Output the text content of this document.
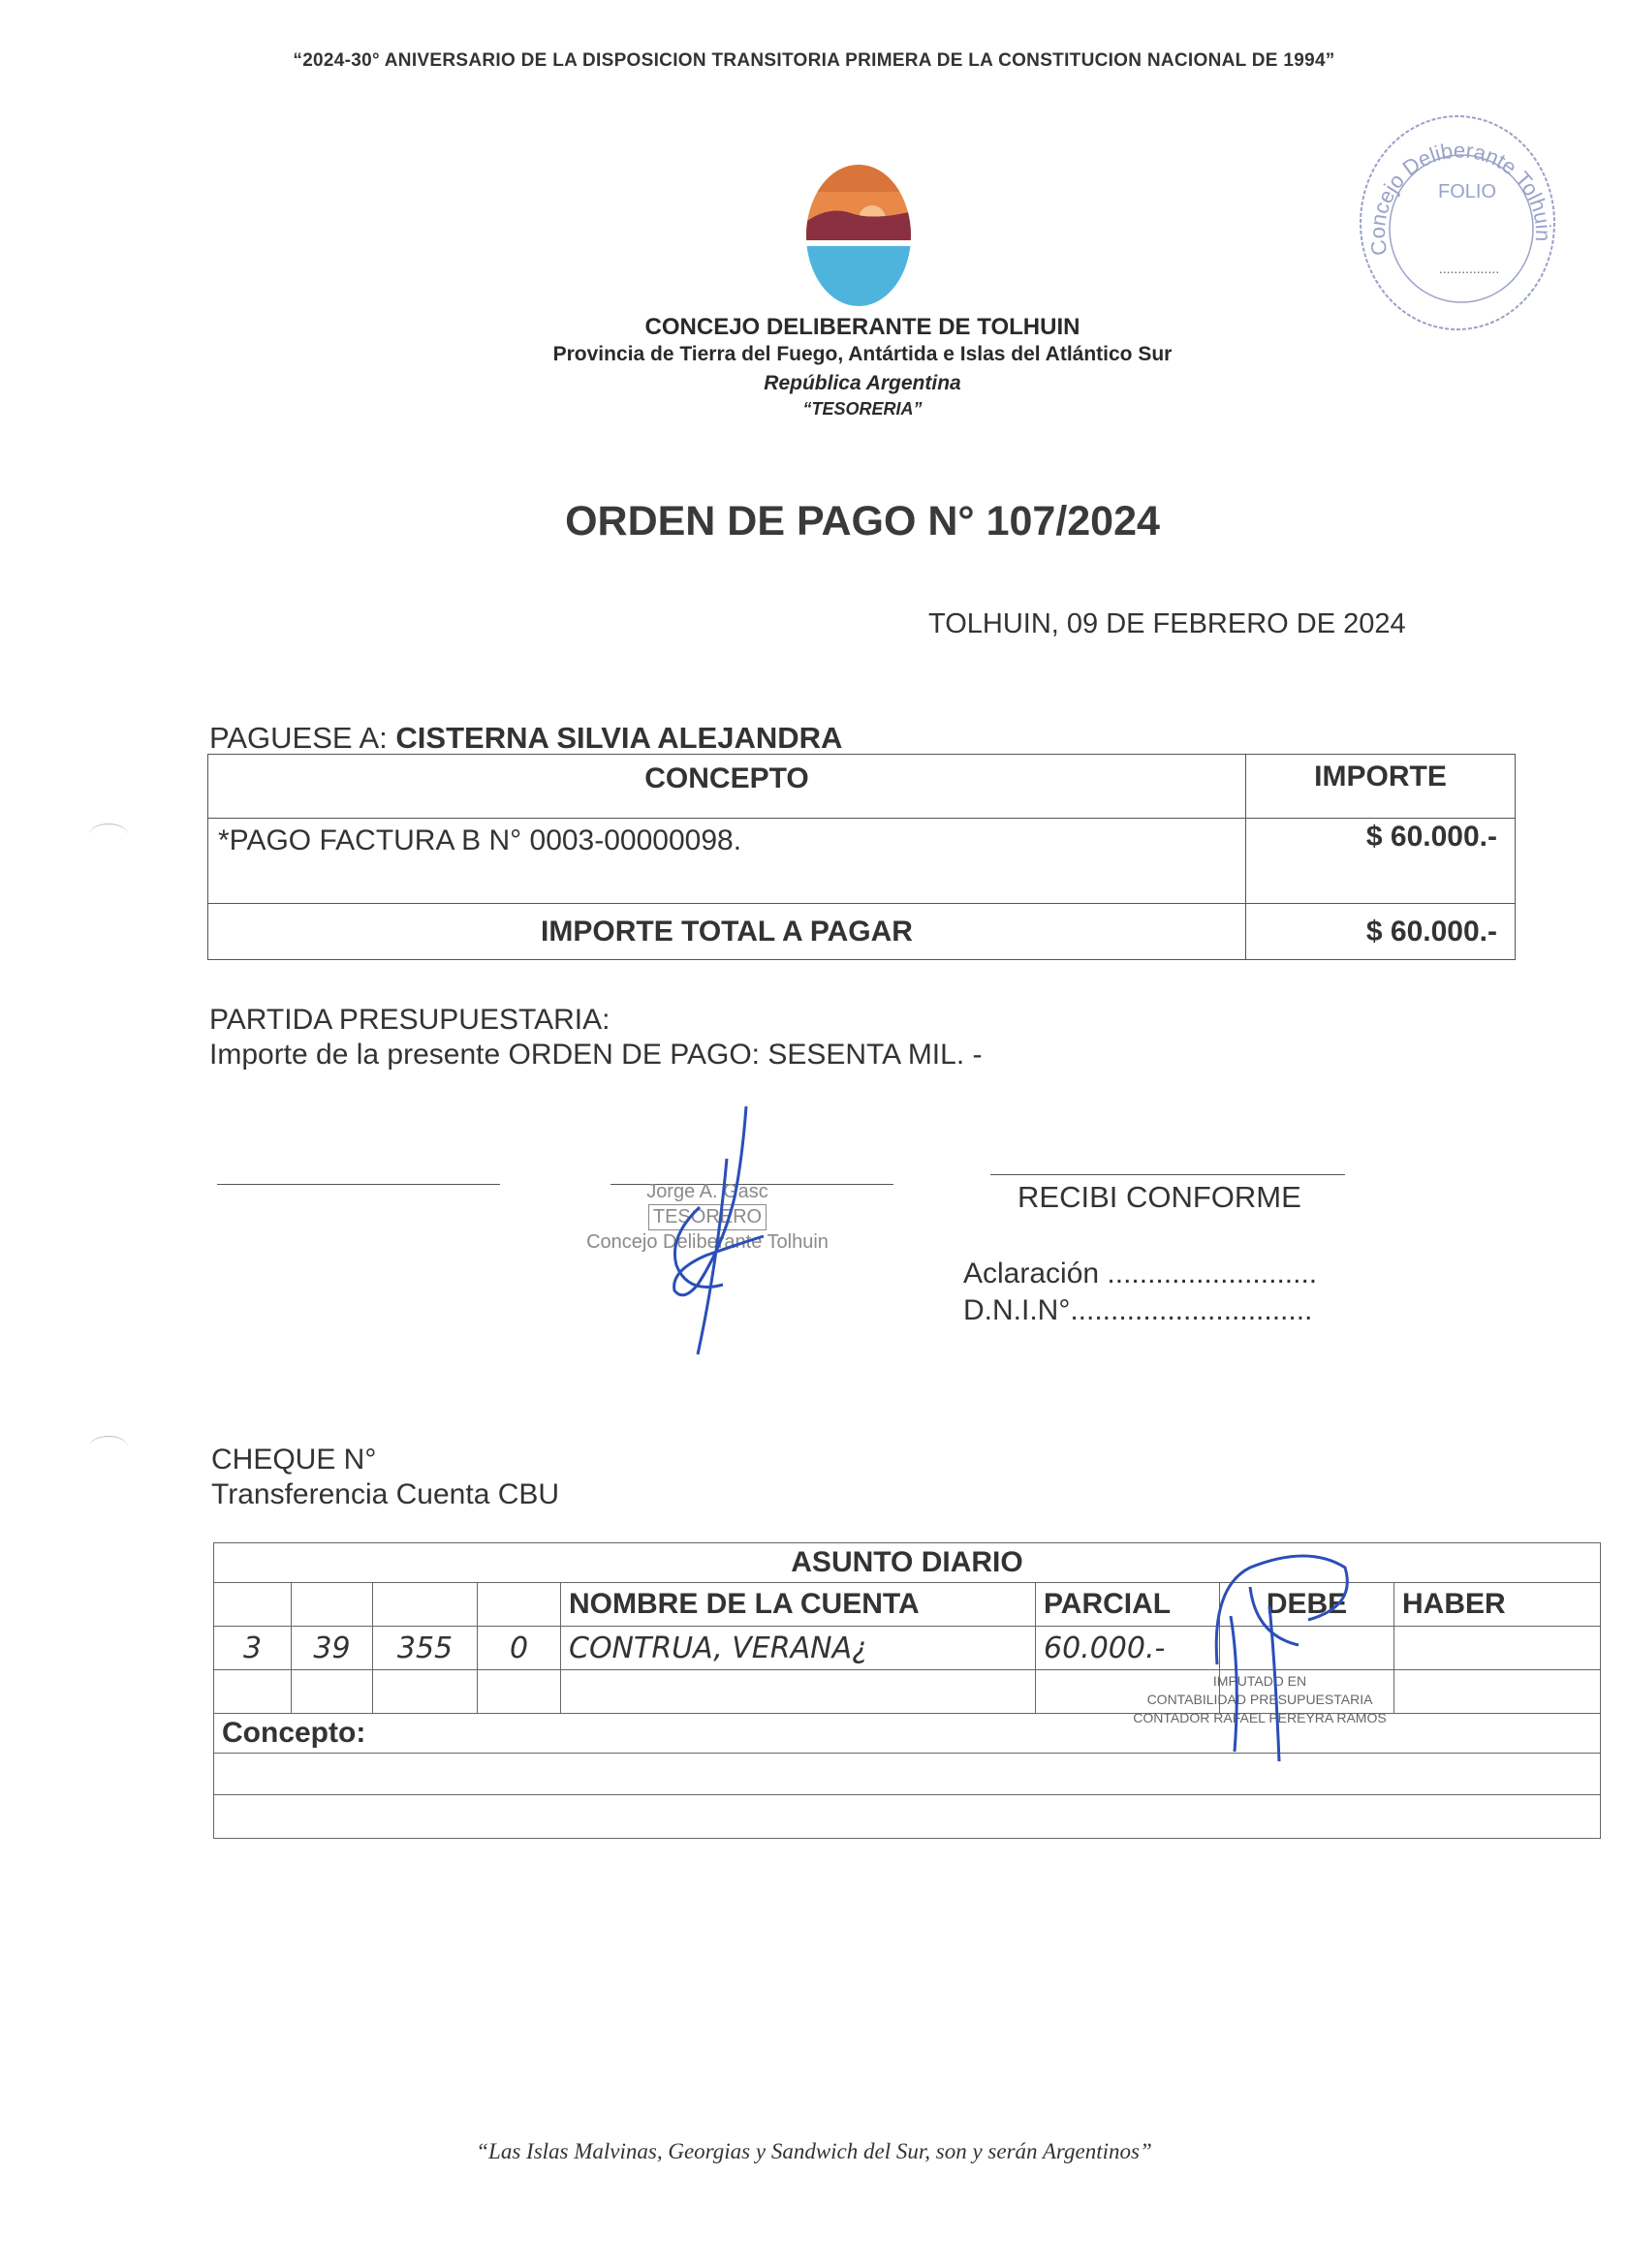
“2024-30° ANIVERSARIO DE LA DISPOSICION TRANSITORIA PRIMERA DE LA CONSTITUCION NACIONAL DE 1994”
Concejo Deliberante Tolhuin
FOLIO
................
CONCEJO DELIBERANTE DE TOLHUIN
Provincia de Tierra del Fuego, Antártida e Islas del Atlántico Sur
República Argentina
“TESORERIA”
ORDEN DE PAGO N° 107/2024
TOLHUIN, 09 DE FEBRERO DE 2024
PAGUESE A: CISTERNA SILVIA ALEJANDRA
CONCEPTO	IMPORTE
*PAGO FACTURA B N° 0003-00000098.	$ 60.000.-
IMPORTE TOTAL A PAGAR	$ 60.000.-
PARTIDA PRESUPUESTARIA:
Importe de la presente ORDEN DE PAGO: SESENTA MIL. -
Jorge A. Gasc
TESORERO
Concejo Deliberante Tolhuin
RECIBI CONFORME
Aclaración ..........................
D.N.I.N°..............................
CHEQUE N°
Transferencia Cuenta CBU
ASUNTO DIARIO							
				NOMBRE DE LA CUENTA	PARCIAL	DEBE	HABER
3	39	355	0	CONTRUA, VERANA¿	60.000.-		

Concepto:							

IMPUTADO EN
CONTABILIDAD PRESUPUESTARIA
CONTADOR RAFAEL PEREYRA RAMOS
“Las Islas Malvinas, Georgias y Sandwich del Sur, son y serán Argentinos”
